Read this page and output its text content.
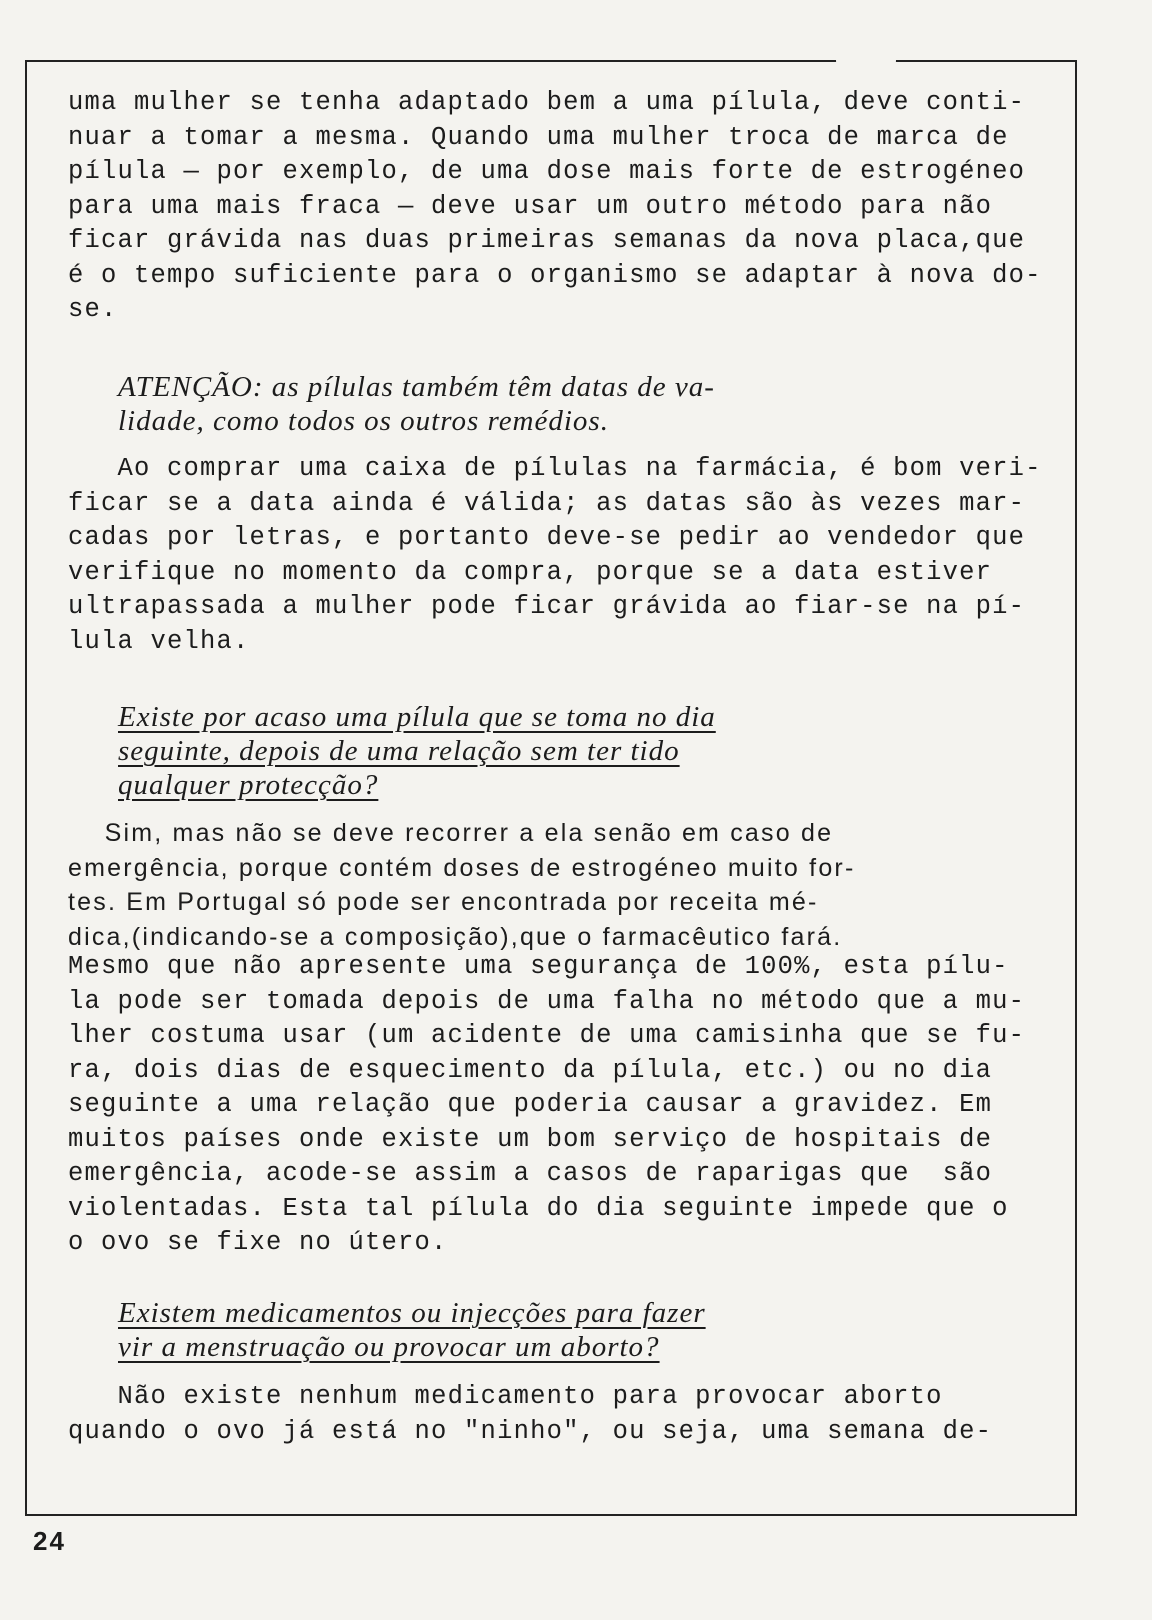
uma mulher se tenha adaptado bem a uma pílula, deve conti-
nuar a tomar a mesma. Quando uma mulher troca de marca de
pílula — por exemplo, de uma dose mais forte de estrogéneo
para uma mais fraca — deve usar um outro método para não
ficar grávida nas duas primeiras semanas da nova placa,que
é o tempo suficiente para o organismo se adaptar à nova do-
se.

ATENÇÃO: as pílulas também têm datas de va-
lidade, como todos os outros remédios.

Ao comprar uma caixa de pílulas na farmácia, é bom veri-
ficar se a data ainda é válida; as datas são às vezes mar-
cadas por letras, e portanto deve-se pedir ao vendedor que
verifique no momento da compra, porque se a data estiver
ultrapassada a mulher pode ficar grávida ao fiar-se na pí-
lula velha.

Existe por acaso uma pílula que se toma no dia
seguinte, depois de uma relação sem ter tido
qualquer protecção?

Sim, mas não se deve recorrer a ela senão em caso de
emergência, porque contém doses de estrogéneo muito for-
tes. Em Portugal só pode ser encontrada por receita mé-
dica,(indicando-se a composição),que o farmacêutico fará.

Mesmo que não apresente uma segurança de 100%, esta pílu-
la pode ser tomada depois de uma falha no método que a mu-
lher costuma usar (um acidente de uma camisinha que se fu-
ra, dois dias de esquecimento da pílula, etc.) ou no dia
seguinte a uma relação que poderia causar a gravidez. Em
muitos países onde existe um bom serviço de hospitais de
emergência, acode-se assim a casos de raparigas que  são
violentadas. Esta tal pílula do dia seguinte impede que o
o ovo se fixe no útero.

Existem medicamentos ou injecções para fazer
vir a menstruação ou provocar um aborto?

Não existe nenhum medicamento para provocar aborto
quando o ovo já está no "ninho", ou seja, uma semana de-

24
